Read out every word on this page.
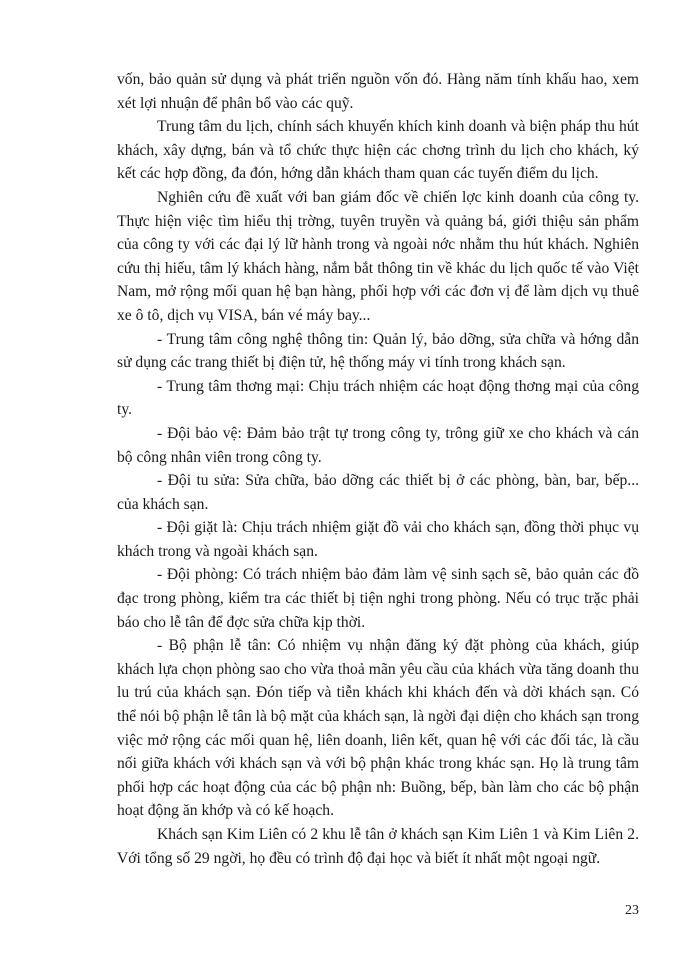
vốn, bảo quản sử dụng và phát triển nguồn vốn đó. Hàng năm tính khấu hao, xem xét lợi nhuận để phân bổ vào các quỹ.

Trung tâm du lịch, chính sách khuyến khích kinh doanh và biện pháp thu hút khách, xây dựng, bán và tổ chức thực hiện các chơng trình du lịch cho khách, ký kết các hợp đồng, đa đón, hớng dẫn khách tham quan các tuyến điểm du lịch.

Nghiên cứu đề xuất với ban giám đốc về chiến lợc kinh doanh của công ty. Thực hiện việc tìm hiểu thị trờng, tuyên truyền và quảng bá, giới thiệu sản phẩm của công ty với các đại lý lữ hành trong và ngoài nớc nhằm thu hút khách. Nghiên cứu thị hiếu, tâm lý khách hàng, nắm bắt thông tin về khác du lịch quốc tế vào Việt Nam, mở rộng mối quan hệ bạn hàng, phối hợp với các đơn vị để làm dịch vụ thuê xe ô tô, dịch vụ VISA, bán vé máy bay...

- Trung tâm công nghệ thông tin: Quản lý, bảo dỡng, sửa chữa và hớng dẫn sử dụng các trang thiết bị điện tử, hệ thống máy vi tính trong khách sạn.

- Trung tâm thơng mại: Chịu trách nhiệm các hoạt động thơng mại của công ty.

- Đội bảo vệ: Đảm bảo trật tự trong công ty, trông giữ xe cho khách và cán bộ công nhân viên trong công ty.

- Đội tu sửa: Sửa chữa, bảo dỡng các thiết bị ở các phòng, bàn, bar, bếp... của khách sạn.

- Đội giặt là: Chịu trách nhiệm giặt đồ vải cho khách sạn, đồng thời phục vụ khách trong và ngoài khách sạn.

- Đội phòng: Có trách nhiệm bảo đảm làm vệ sinh sạch sẽ, bảo quản các đồ đạc trong phòng, kiểm tra các thiết bị tiện nghi trong phòng. Nếu có trục trặc phải báo cho lễ tân để đợc sửa chữa kịp thời.

- Bộ phận lễ tân: Có nhiệm vụ nhận đăng ký đặt phòng của khách, giúp khách lựa chọn phòng sao cho vừa thoả mãn yêu cầu của khách vừa tăng doanh thu lu trú của khách sạn. Đón tiếp và tiễn khách khi khách đến và dời khách sạn. Có thể nói bộ phận lễ tân là bộ mặt của khách sạn, là ngời đại diện cho khách sạn trong việc mở rộng các mối quan hệ, liên doanh, liên kết, quan hệ với các đối tác, là cầu nối giữa khách với khách sạn và với bộ phận khác trong khác sạn. Họ là trung tâm phối hợp các hoạt động của các bộ phận nh: Buồng, bếp, bàn làm cho các bộ phận hoạt động ăn khớp và có kế hoạch.

Khách sạn Kim Liên có 2 khu lễ tân ở khách sạn Kim Liên 1 và Kim Liên 2. Với tổng số 29 ngời, họ đều có trình độ đại học và biết ít nhất một ngoại ngữ.

23
